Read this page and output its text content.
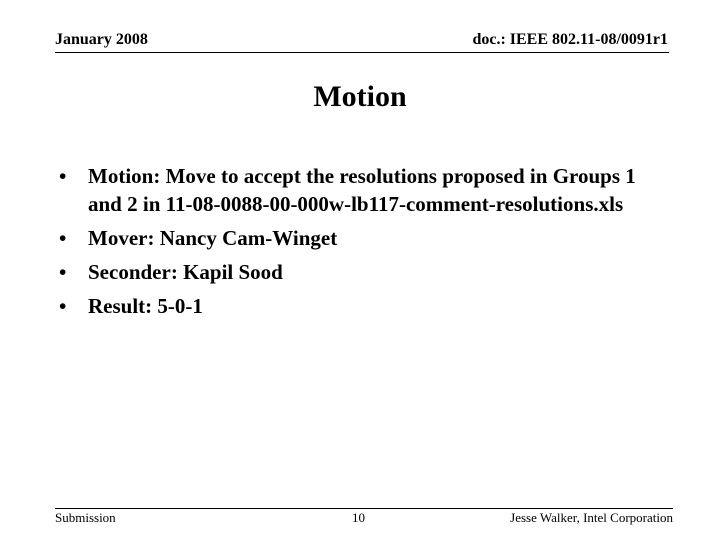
January 2008	doc.: IEEE 802.11-08/0091r1
Motion
• Motion: Move to accept the resolutions proposed in Groups 1 and 2 in 11-08-0088-00-000w-lb117-comment-resolutions.xls
• Mover: Nancy Cam-Winget
• Seconder: Kapil Sood
• Result: 5-0-1
Submission	10	Jesse Walker, Intel Corporation
